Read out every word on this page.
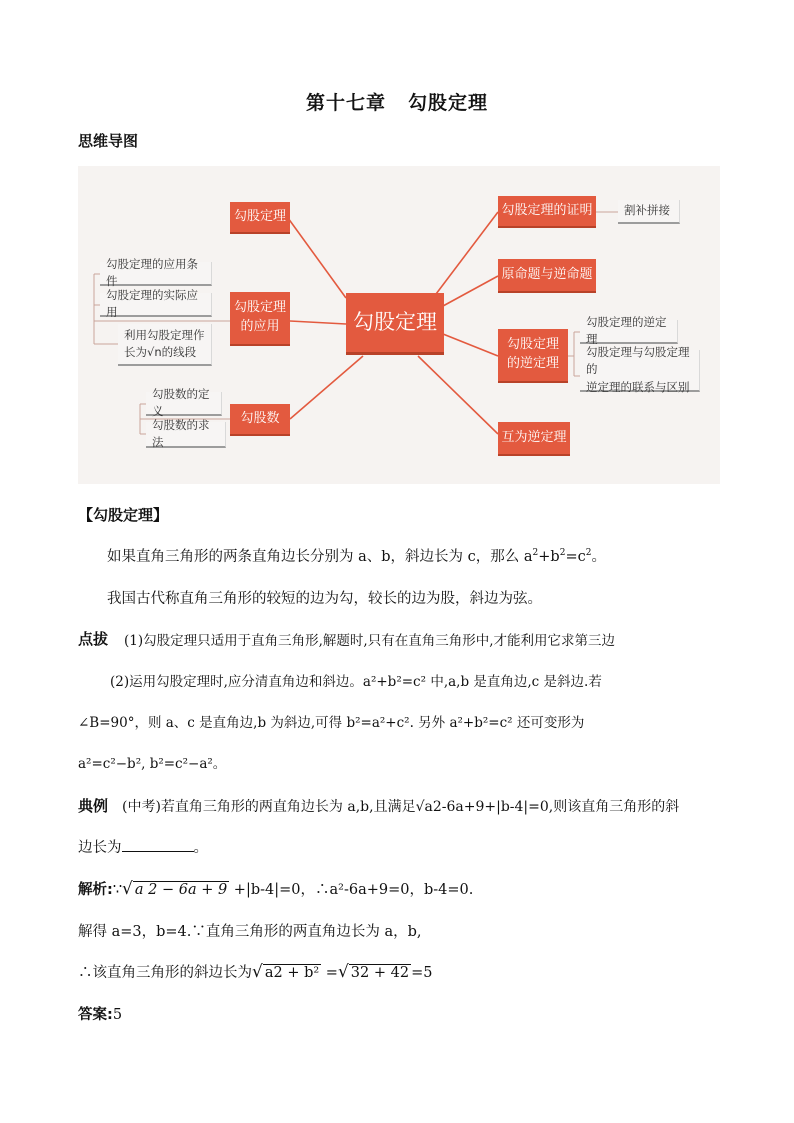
第十七章 勾股定理
思维导图
勾股定理
勾股定理
勾股定理
的应用
勾股数
勾股定理的证明
原命题与逆命题
勾股定理
的逆定理
互为逆定理
割补拼接
勾股定理的应用条件
勾股定理的实际应用
利用勾股定理作
长为√n的线段
勾股数的定义
勾股数的求法
勾股定理的逆定理
勾股定理与勾股定理的
逆定理的联系与区别
【勾股定理】
如果直角三角形的两条直角边长分别为 a、b，斜边长为 c，那么 $a^2+b^2=c^2$。
我国古代称直角三角形的较短的边为勾，较长的边为股，斜边为弦。
点拔 (1)勾股定理只适用于直角三角形,解题时,只有在直角三角形中,才能利用它求第三边
(2)运用勾股定理时,应分清直角边和斜边。a²+b²=c² 中,a,b 是直角边,c 是斜边.若
∠B=90°，则 a、c 是直角边,b 为斜边,可得 b²=a²+c². 另外 a²+b²=c² 还可变形为
a²=c²−b², b²=c²−a²。
典例 (中考)若直角三角形的两直角边长为 a,b,且满足√a2-6a+9+|b-4|=0,则该直角三角形的斜
边长为	。
解析:∵√ a 2 − 6a + 9 +|b-4|=0，∴a²-6a+9=0，b-4=0.
解得 a=3，b=4.∵直角三角形的两直角边长为 a，b,
∴该直角三角形的斜边长为√ a2 + b² =√ 32 + 42 =5
答案:5
